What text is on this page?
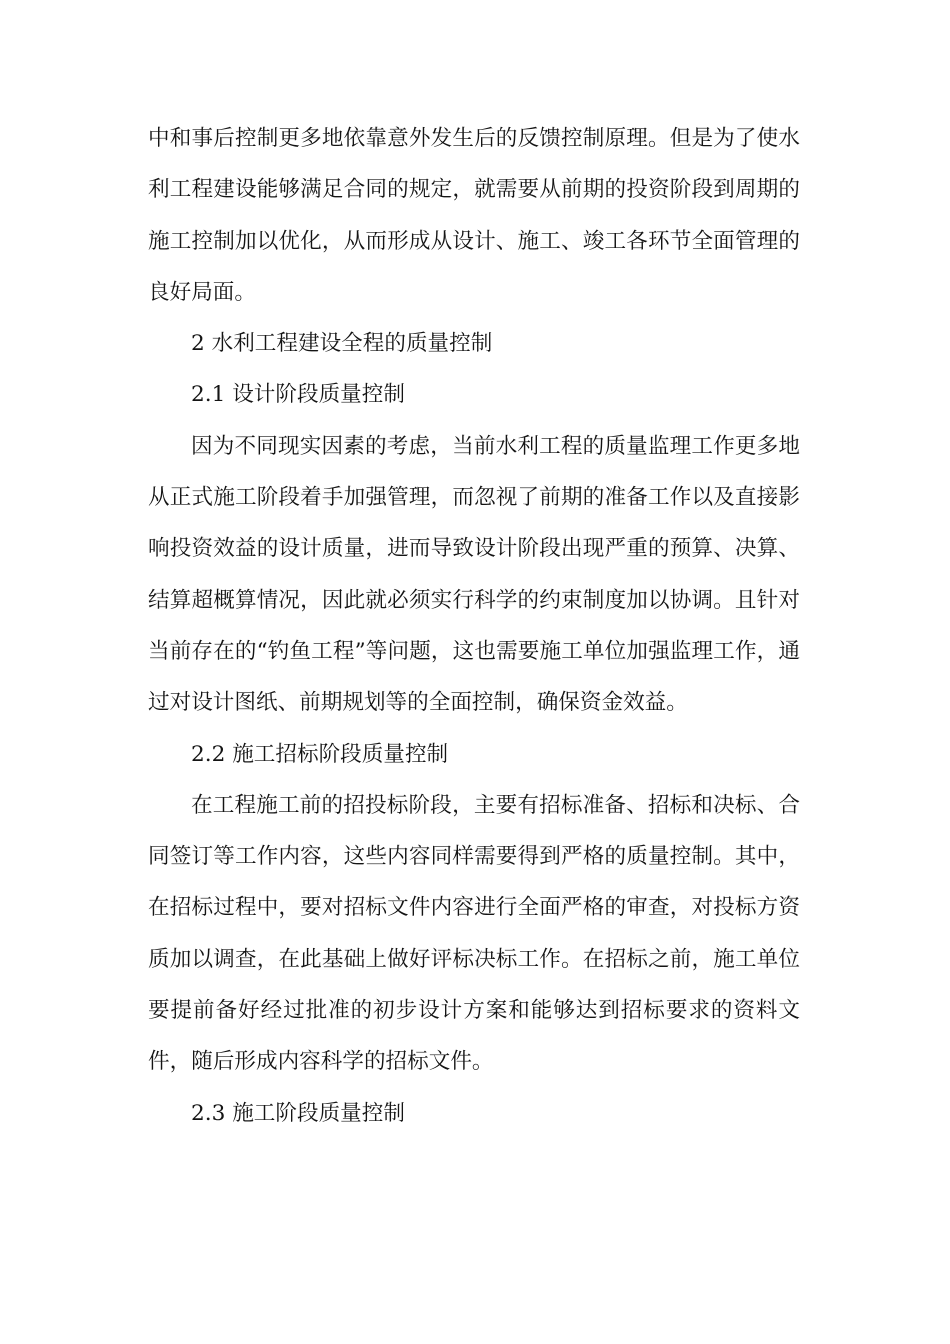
中和事后控制更多地依靠意外发生后的反馈控制原理。但是为了使水利工程建设能够满足合同的规定，就需要从前期的投资阶段到周期的施工控制加以优化，从而形成从设计、施工、竣工各环节全面管理的良好局面。

2 水利工程建设全程的质量控制

2.1 设计阶段质量控制

因为不同现实因素的考虑，当前水利工程的质量监理工作更多地从正式施工阶段着手加强管理，而忽视了前期的准备工作以及直接影响投资效益的设计质量，进而导致设计阶段出现严重的预算、决算、结算超概算情况，因此就必须实行科学的约束制度加以协调。且针对当前存在的“钓鱼工程”等问题，这也需要施工单位加强监理工作，通过对设计图纸、前期规划等的全面控制，确保资金效益。

2.2 施工招标阶段质量控制

在工程施工前的招投标阶段，主要有招标准备、招标和决标、合同签订等工作内容，这些内容同样需要得到严格的质量控制。其中，在招标过程中，要对招标文件内容进行全面严格的审查，对投标方资质加以调查，在此基础上做好评标决标工作。在招标之前，施工单位要提前备好经过批准的初步设计方案和能够达到招标要求的资料文件，随后形成内容科学的招标文件。

2.3 施工阶段质量控制
